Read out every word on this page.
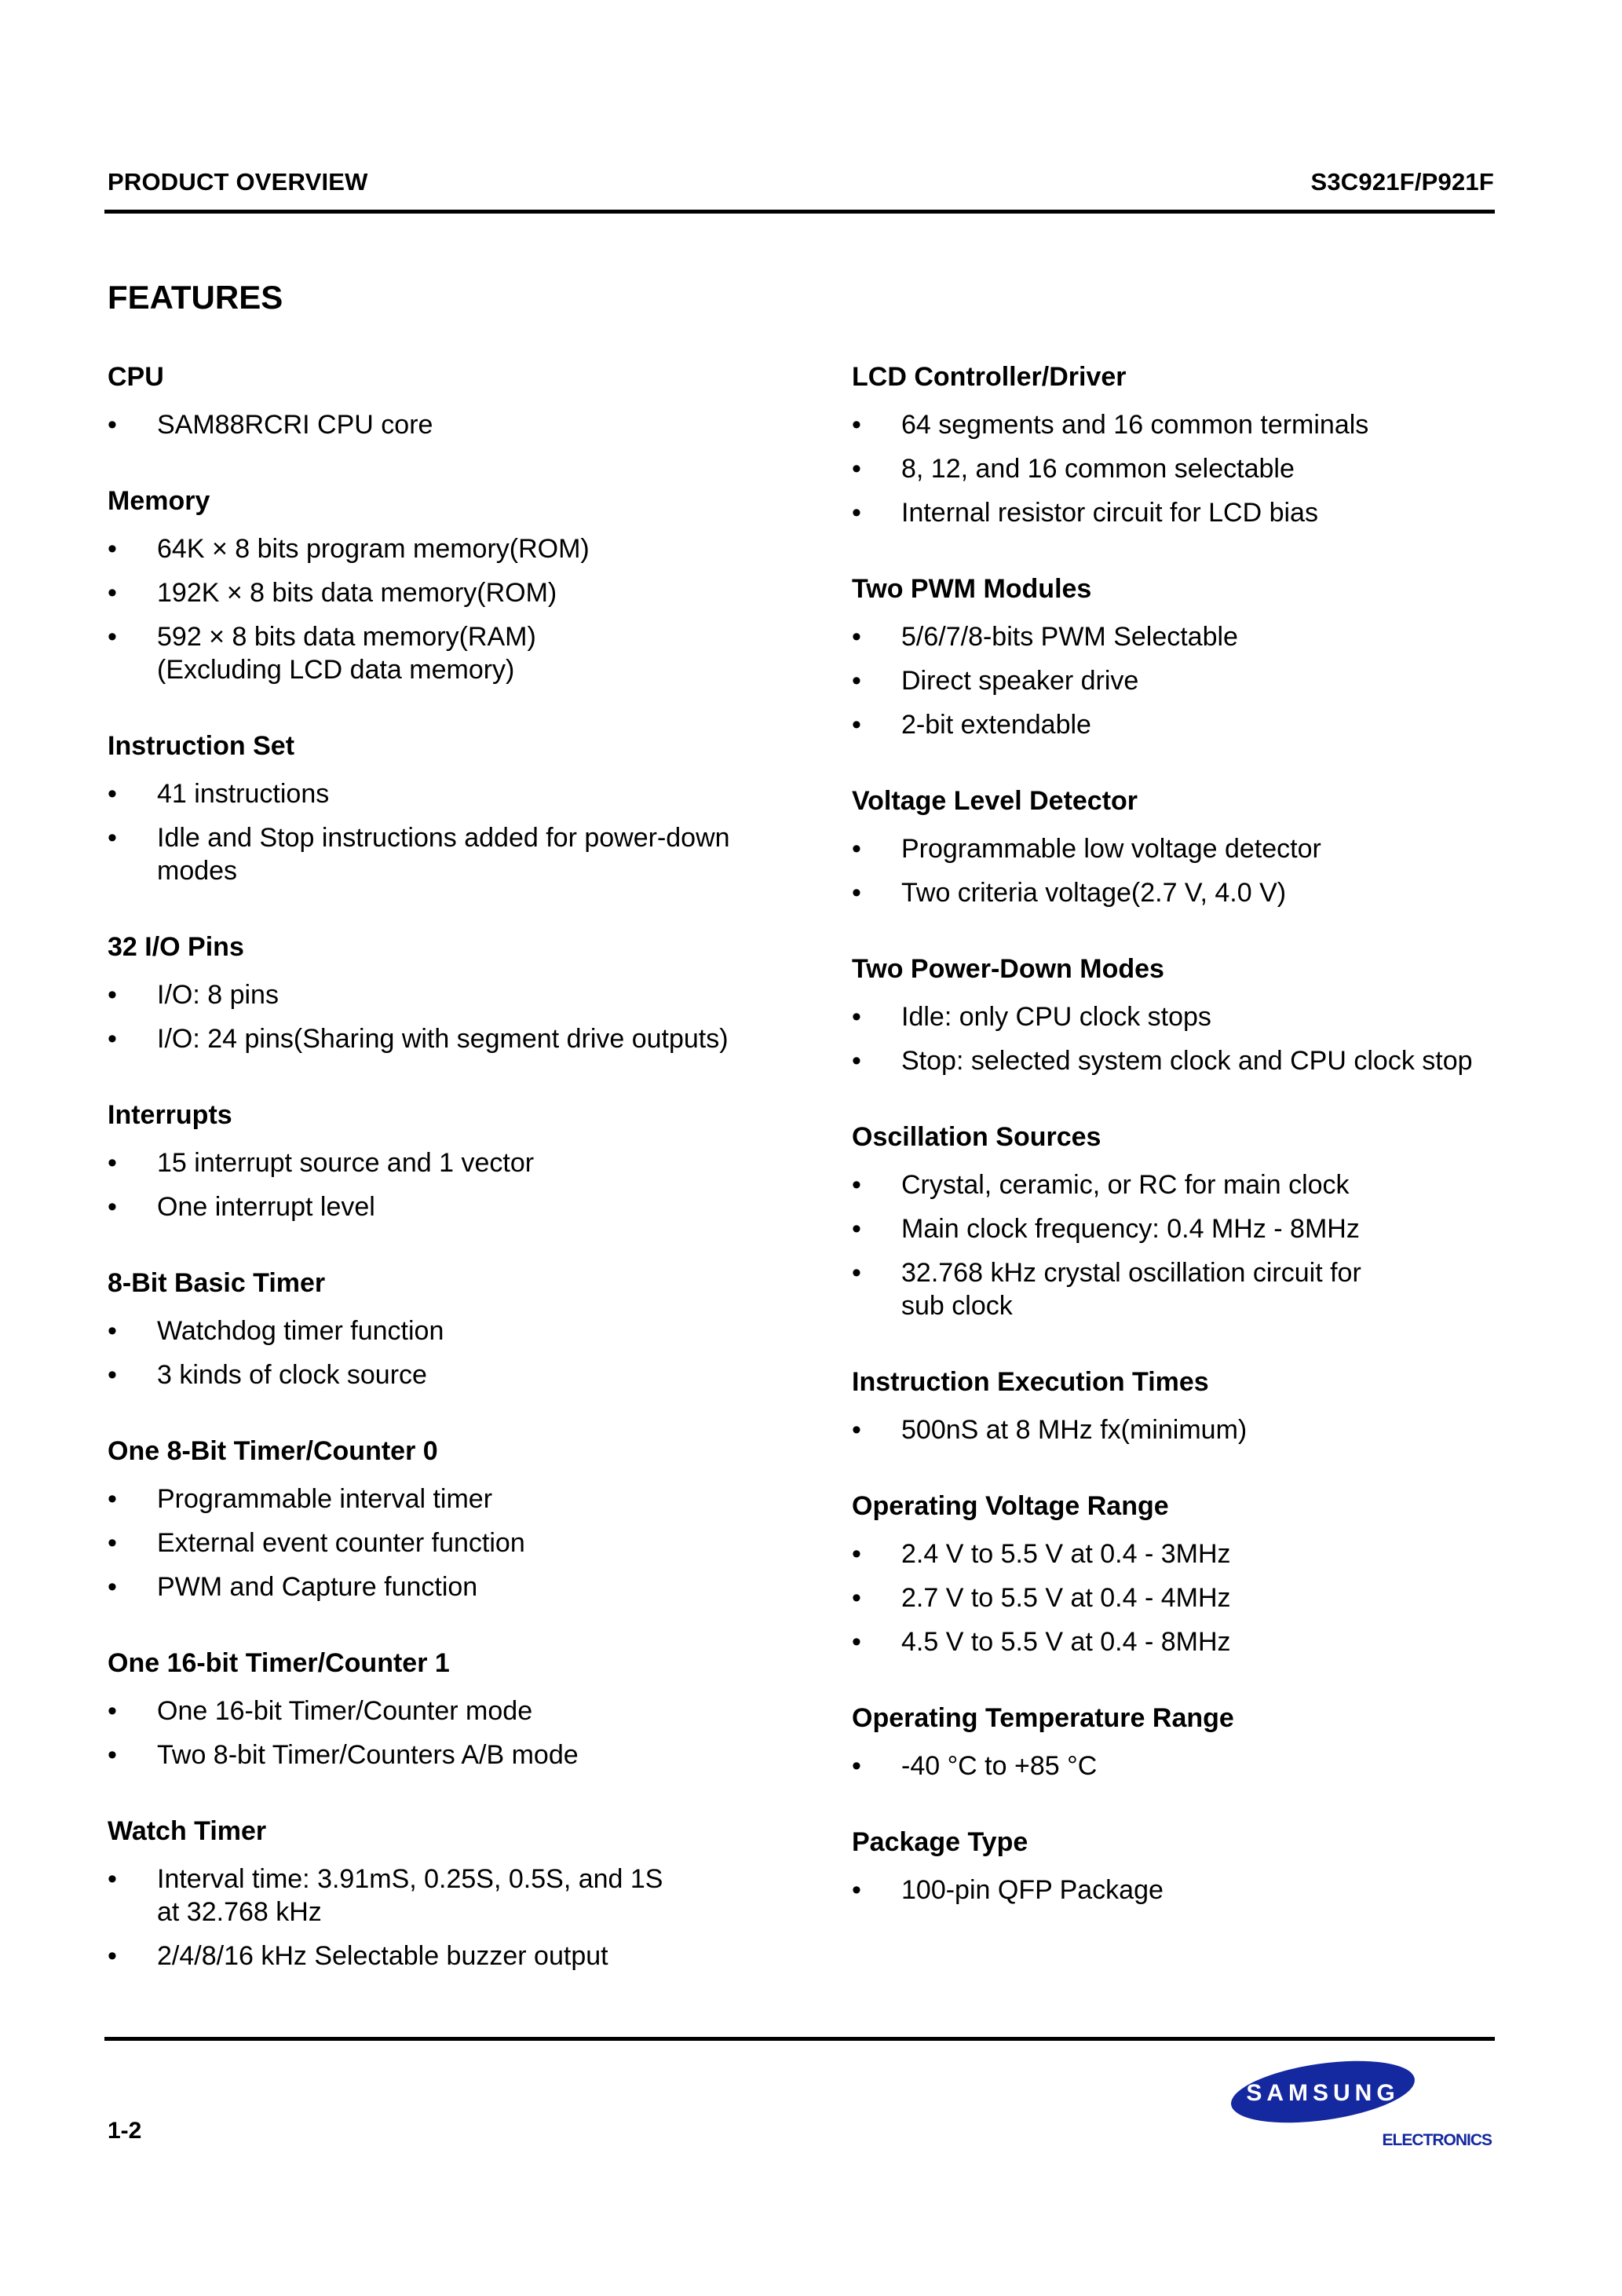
PRODUCT OVERVIEW	S3C921F/P921F
FEATURES
CPU
• SAM88RCRI CPU core
Memory
• 64K × 8 bits program memory(ROM)
• 192K × 8 bits data memory(ROM)
• 592 × 8 bits data memory(RAM)
(Excluding LCD data memory)
Instruction Set
• 41 instructions
• Idle and Stop instructions added for power-down
modes
32 I/O Pins
• I/O: 8 pins
• I/O: 24 pins(Sharing with segment drive outputs)
Interrupts
• 15 interrupt source and 1 vector
• One interrupt level
8-Bit Basic Timer
• Watchdog timer function
• 3 kinds of clock source
One 8-Bit Timer/Counter 0
• Programmable interval timer
• External event counter function
• PWM and Capture function
One 16-bit Timer/Counter 1
• One 16-bit Timer/Counter mode
• Two 8-bit Timer/Counters A/B mode
Watch Timer
• Interval time: 3.91mS, 0.25S, 0.5S, and 1S
at 32.768 kHz
• 2/4/8/16 kHz Selectable buzzer output
LCD Controller/Driver
• 64 segments and 16 common terminals
• 8, 12, and 16 common selectable
• Internal resistor circuit for LCD bias
Two PWM Modules
• 5/6/7/8-bits PWM Selectable
• Direct speaker drive
• 2-bit extendable
Voltage Level Detector
• Programmable low voltage detector
• Two criteria voltage(2.7 V, 4.0 V)
Two Power-Down Modes
• Idle: only CPU clock stops
• Stop: selected system clock and CPU clock stop
Oscillation Sources
• Crystal, ceramic, or RC for main clock
• Main clock frequency: 0.4 MHz - 8MHz
• 32.768 kHz crystal oscillation circuit for
sub clock
Instruction Execution Times
• 500nS at 8 MHz fx(minimum)
Operating Voltage Range
• 2.4 V to 5.5 V at 0.4 - 3MHz
• 2.7 V to 5.5 V at 0.4 - 4MHz
• 4.5 V to 5.5 V at 0.4 - 8MHz
Operating Temperature Range
• -40 °C to +85 °C
Package Type
• 100-pin QFP Package
1-2
SAMSUNG
ELECTRONICS
